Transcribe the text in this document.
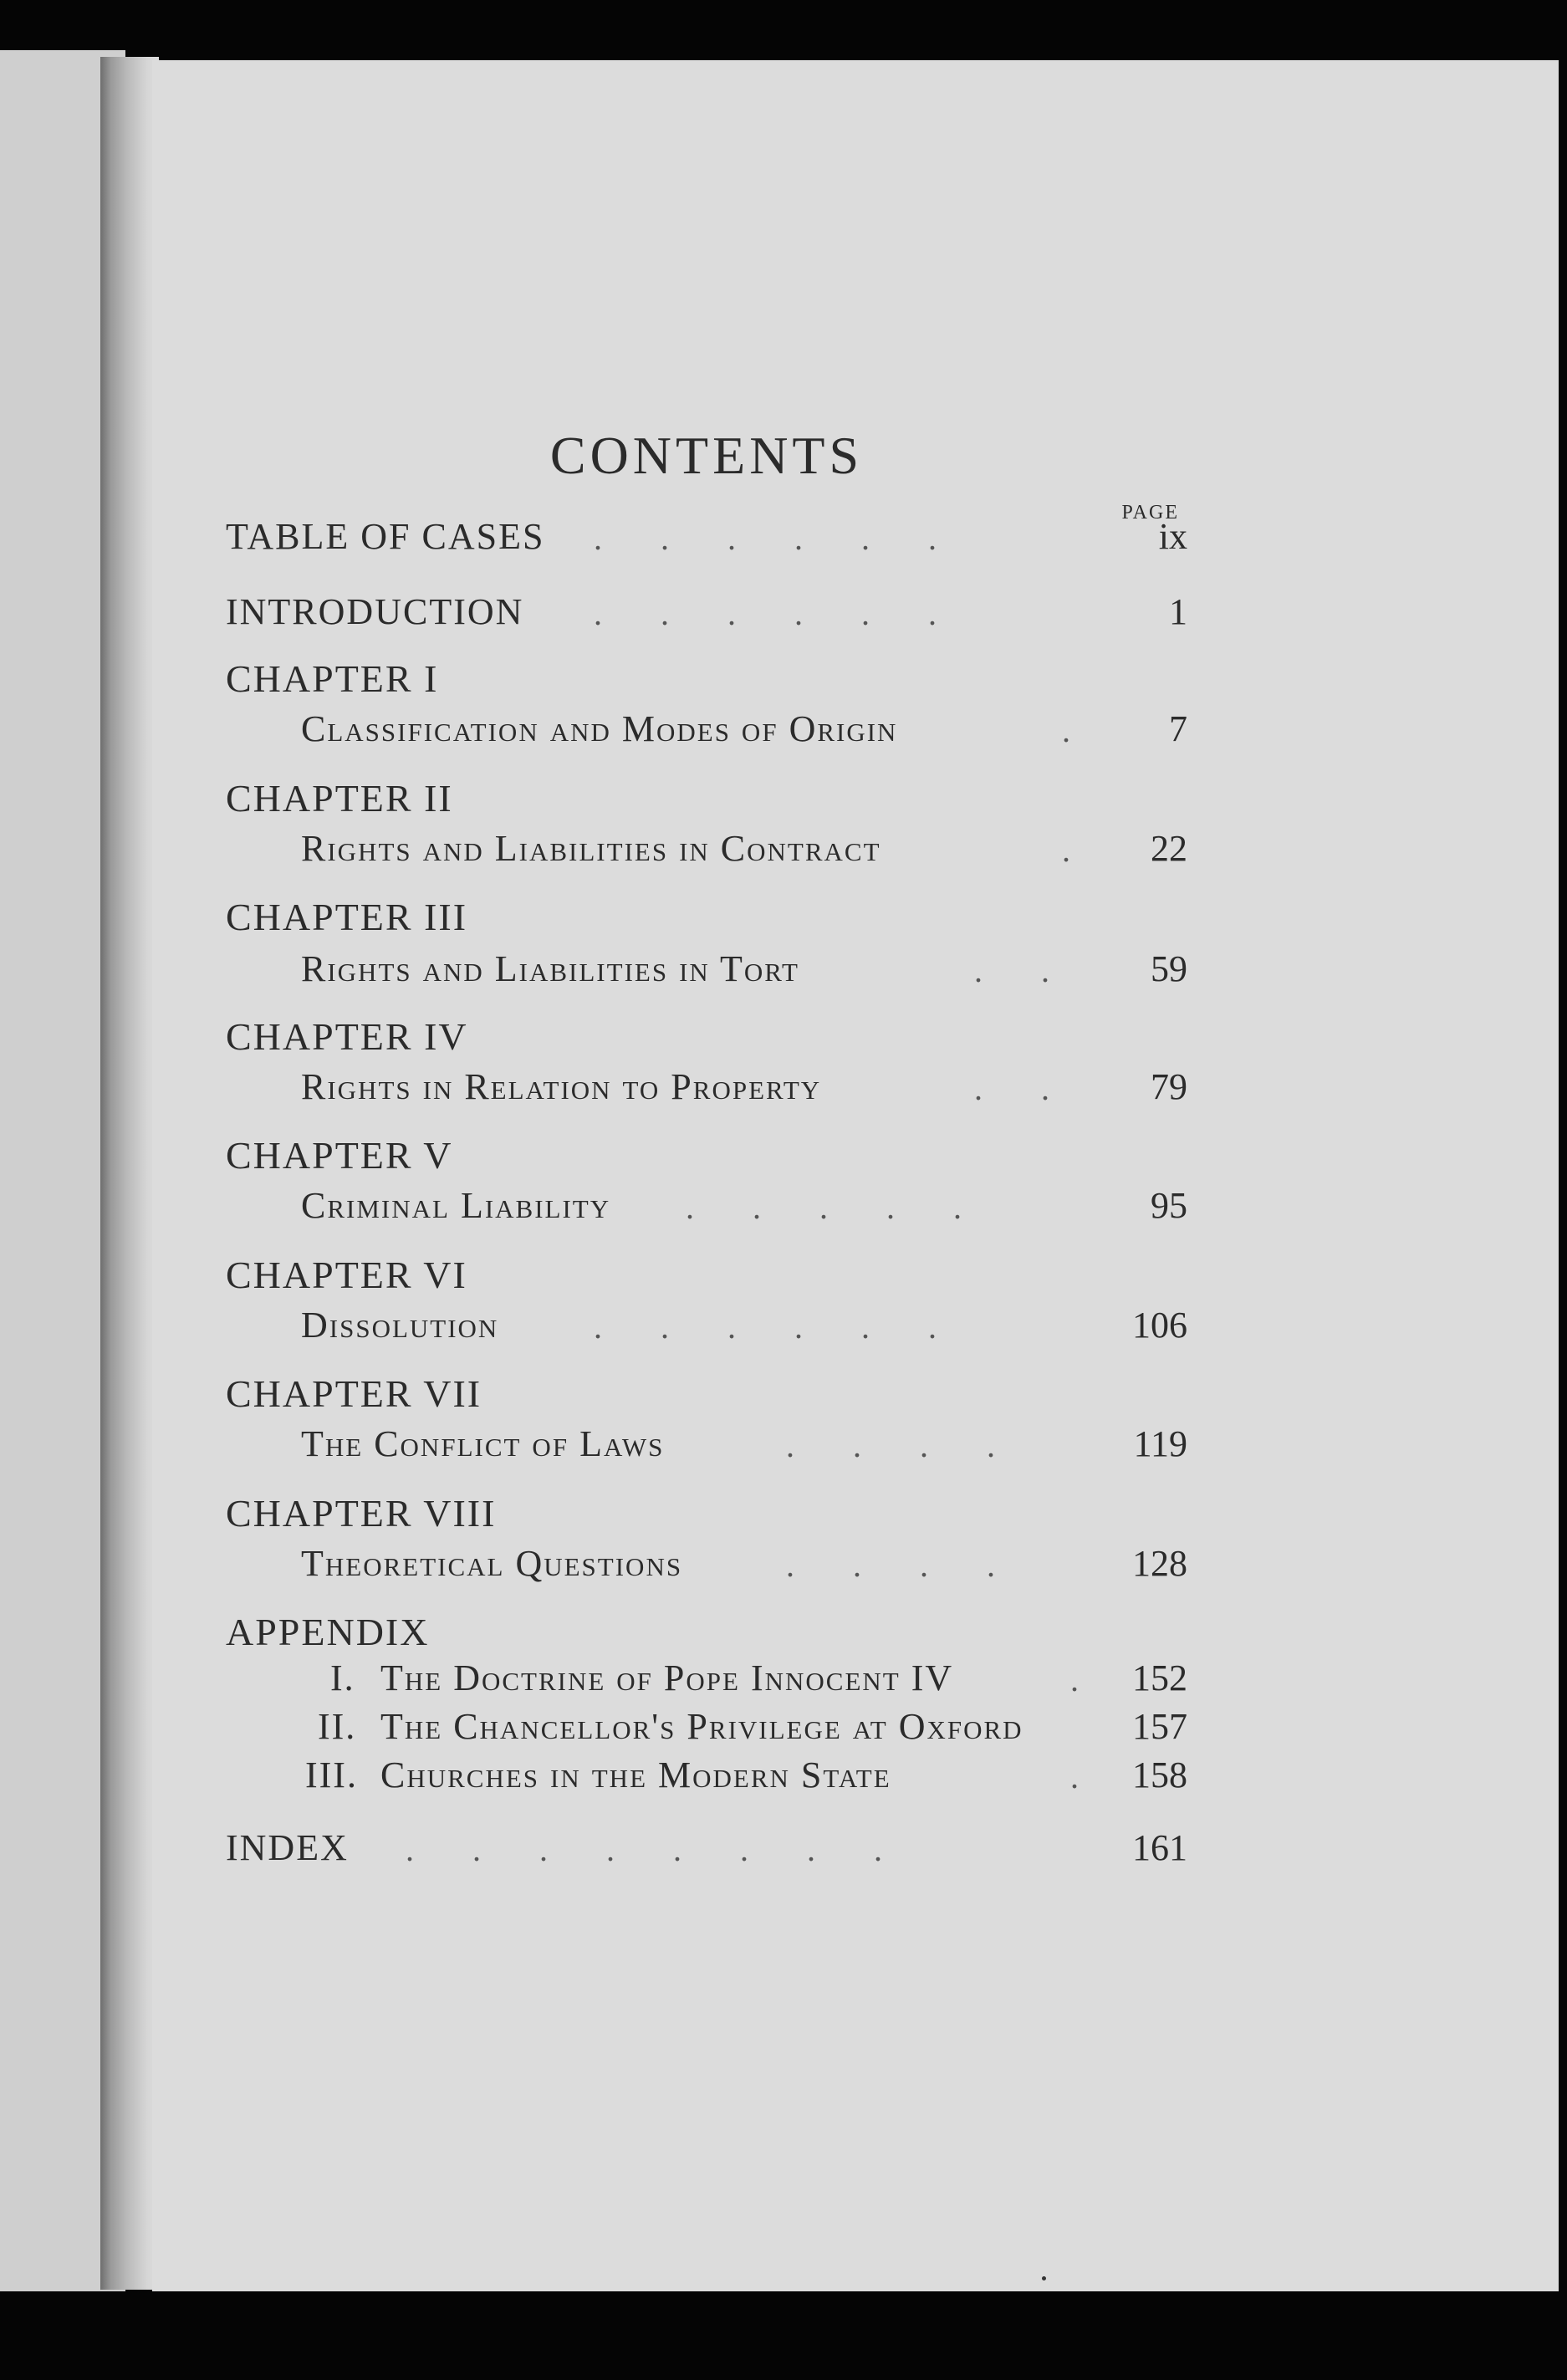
CONTENTS
PAGE
TABLE OF CASES .       .       .       .       .       .	ix
INTRODUCTION .       .       .       .       .       .	1
CHAPTER I
Classification and Modes of Origin	.	7
CHAPTER II
Rights and Liabilities in Contract	.	22
CHAPTER III
Rights and Liabilities in Tort	.       .	59
CHAPTER IV
Rights in Relation to Property	.       .	79
CHAPTER V
Criminal Liability .       .       .       .       .	95
CHAPTER VI
Dissolution	.       .       .       .       .       .	106
CHAPTER VII
The Conflict of Laws	.       .       .       .	119
CHAPTER VIII
Theoretical Questions	.       .       .       .	128
APPENDIX
I. The Doctrine of Pope Innocent IV	.	152
II. The Chancellor's Privilege at Oxford	157
III. Churches in the Modern State	.	158
INDEX .       .       .       .       .       .       .       .	161
